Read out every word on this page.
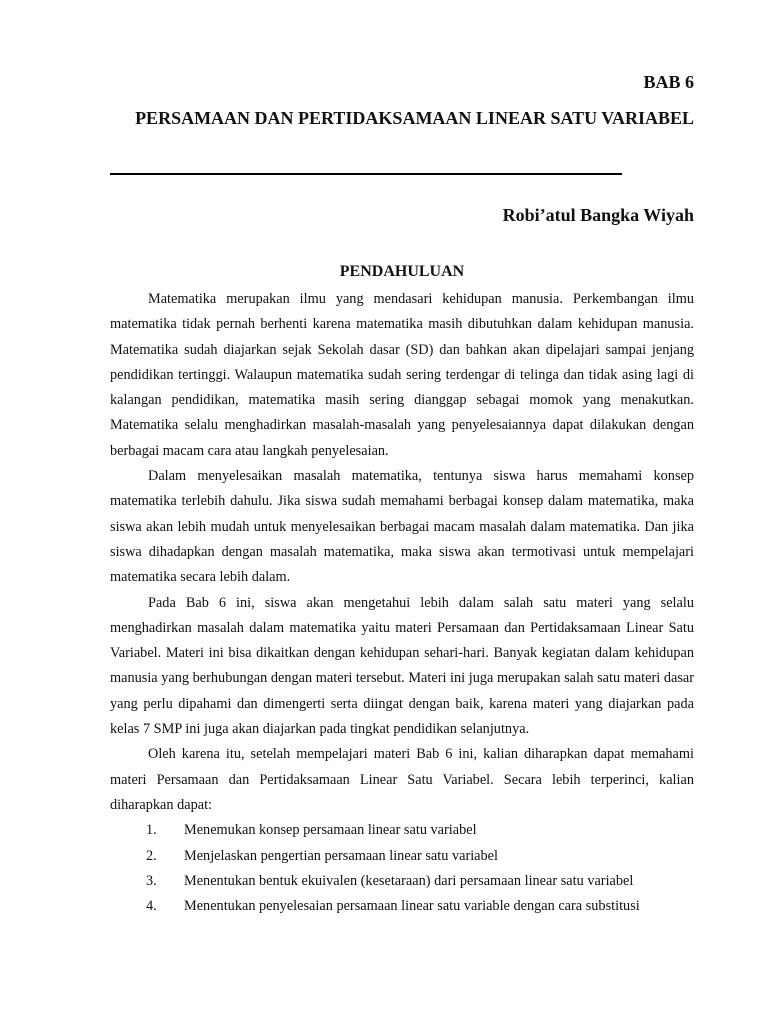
BAB 6
PERSAMAAN DAN PERTIDAKSAMAAN LINEAR SATU VARIABEL
Robi’atul Bangka Wiyah
PENDAHULUAN

Matematika merupakan ilmu yang mendasari kehidupan manusia. Perkembangan ilmu matematika tidak pernah berhenti karena matematika masih dibutuhkan dalam kehidupan manusia. Matematika sudah diajarkan sejak Sekolah dasar (SD) dan bahkan akan dipelajari sampai jenjang pendidikan tertinggi. Walaupun matematika sudah sering terdengar di telinga dan tidak asing lagi di kalangan pendidikan, matematika masih sering dianggap sebagai momok yang menakutkan. Matematika selalu menghadirkan masalah-masalah yang penyelesaiannya dapat dilakukan dengan berbagai macam cara atau langkah penyelesaian.

Dalam menyelesaikan masalah matematika, tentunya siswa harus memahami konsep matematika terlebih dahulu. Jika siswa sudah memahami berbagai konsep dalam matematika, maka siswa akan lebih mudah untuk menyelesaikan berbagai macam masalah dalam matematika. Dan jika siswa dihadapkan dengan masalah matematika, maka siswa akan termotivasi untuk mempelajari matematika secara lebih dalam.

Pada Bab 6 ini, siswa akan mengetahui lebih dalam salah satu materi yang selalu menghadirkan masalah dalam matematika yaitu materi Persamaan dan Pertidaksamaan Linear Satu Variabel. Materi ini bisa dikaitkan dengan kehidupan sehari-hari. Banyak kegiatan dalam kehidupan manusia yang berhubungan dengan materi tersebut. Materi ini juga merupakan salah satu materi dasar yang perlu dipahami dan dimengerti serta diingat dengan baik, karena materi yang diajarkan pada kelas 7 SMP ini juga akan diajarkan pada tingkat pendidikan selanjutnya.

Oleh karena itu, setelah mempelajari materi Bab 6 ini, kalian diharapkan dapat memahami materi Persamaan dan Pertidaksamaan Linear Satu Variabel. Secara lebih terperinci, kalian diharapkan dapat:

1.	Menemukan konsep persamaan linear satu variabel
2.	Menjelaskan pengertian persamaan linear satu variabel
3.	Menentukan bentuk ekuivalen (kesetaraan) dari persamaan linear satu variabel
4.	Menentukan penyelesaian persamaan linear satu variable dengan cara substitusi
